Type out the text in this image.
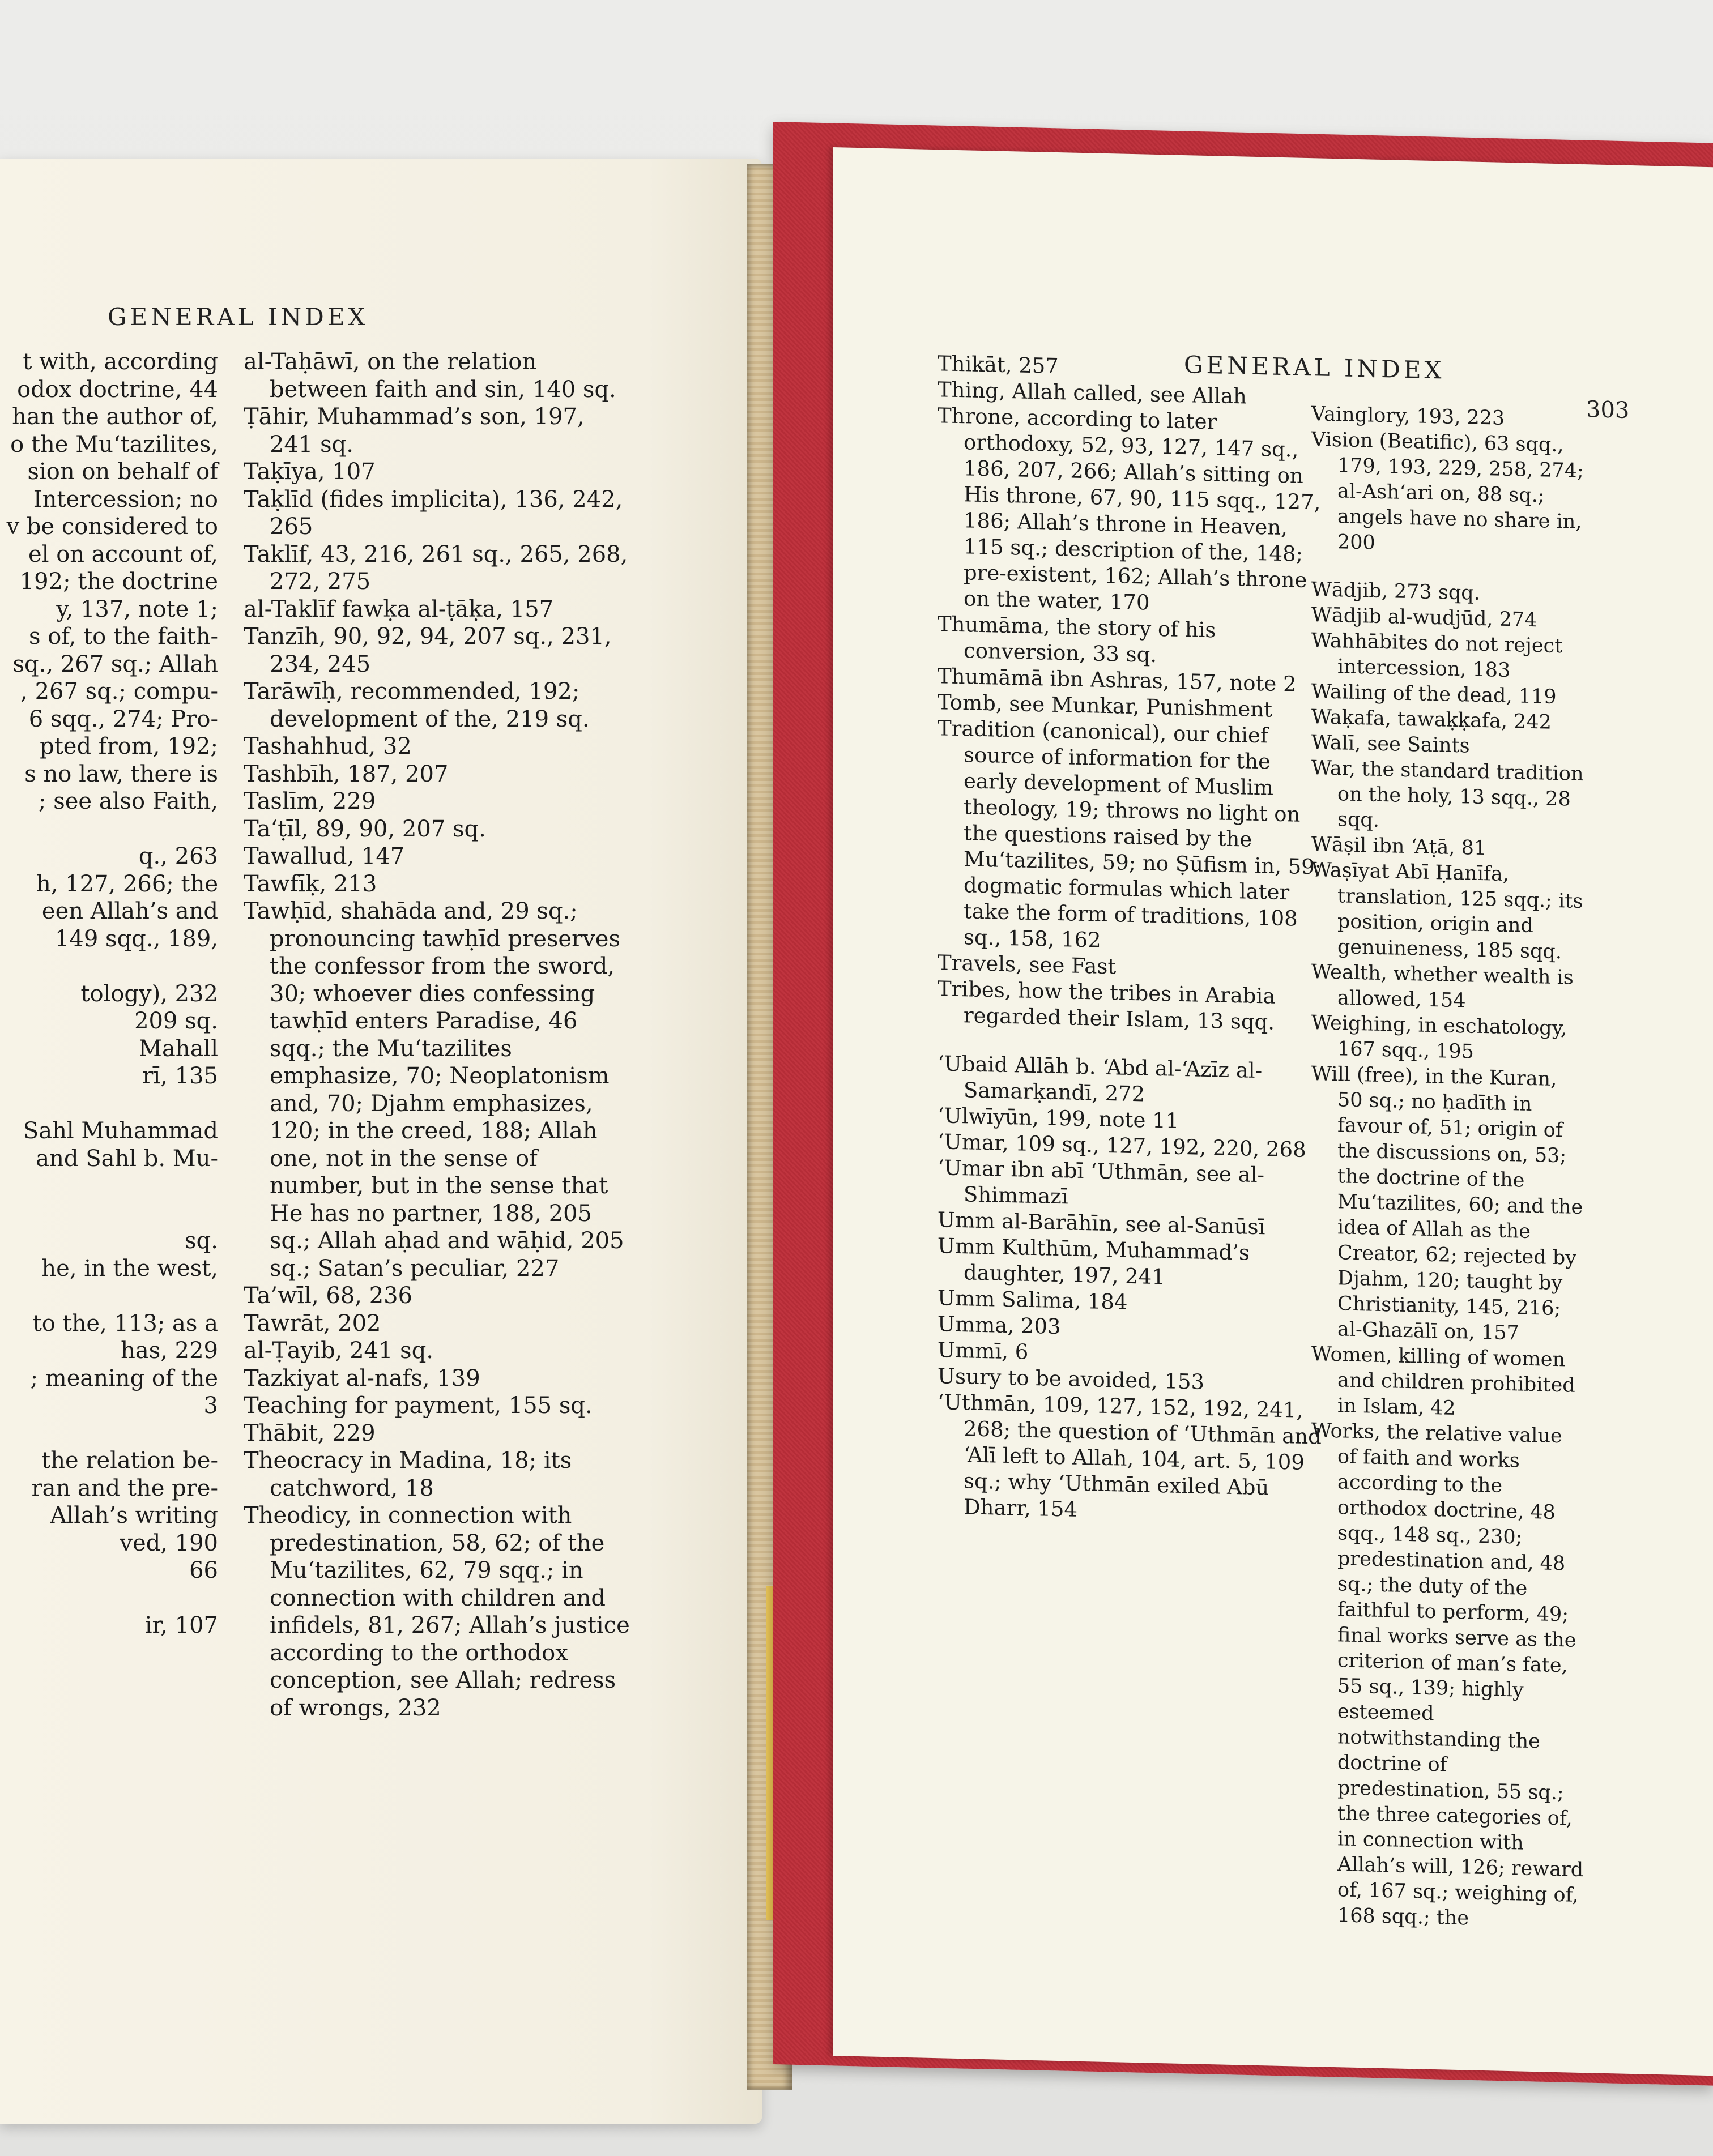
GENERAL INDEX
t with, according
odox doctrine, 44
han the author of,
o the Mu‘tazilites,
sion on behalf of
Intercession; no
v be considered to
el on account of,
192; the doctrine
y, 137, note 1;
s of, to the faith-
sq., 267 sq.; Allah
, 267 sq.; compu-
6 sqq., 274; Pro-
pted from, 192;
s no law, there is
; see also Faith,

q., 263
h, 127, 266; the
een Allah’s and
149 sqq., 189,

tology), 232
209 sq.
Mahall
rī, 135

Sahl Muhammad
and Sahl b. Mu-

sq.
he, in the west,

to the, 113; as a
has, 229
; meaning of the
3

the relation be-
ran and the pre-
Allah’s writing
ved, 190
66

ir, 107

al-Taḥāwī, on the relation between faith and sin, 140 sq.

Ṭāhir, Muhammad’s son, 197, 241 sq.

Taḳīya, 107

Taḳlīd (fides implicita), 136, 242, 265

Taklīf, 43, 216, 261 sq., 265, 268, 272, 275

al-Taklīf fawḳa al-ṭāḳa, 157

Tanzīh, 90, 92, 94, 207 sq., 231, 234, 245

Tarāwīḥ, recommended, 192; development of the, 219 sq.

Tashahhud, 32

Tashbīh, 187, 207

Taslīm, 229

Ta‘ṭīl, 89, 90, 207 sq.

Tawallud, 147

Tawfīḳ, 213

Tawḥīd, shahāda and, 29 sq.; pronouncing tawḥīd preserves the confessor from the sword, 30; whoever dies confessing tawḥīd enters Paradise, 46 sqq.; the Mu‘tazilites emphasize, 70; Neoplatonism and, 70; Djahm emphasizes, 120; in the creed, 188; Allah one, not in the sense of number, but in the sense that He has no partner, 188, 205 sq.; Allah aḥad and wāḥid, 205 sq.; Satan’s peculiar, 227

Ta’wīl, 68, 236

Tawrāt, 202

al-Ṭayib, 241 sq.

Tazkiyat al-nafs, 139

Teaching for payment, 155 sq.

Thābit, 229

Theocracy in Madina, 18; its catchword, 18

Theodicy, in connection with predestination, 58, 62; of the Mu‘tazilites, 62, 79 sqq.; in connection with children and infidels, 81, 267; Allah’s justice according to the orthodox conception, see Allah; redress of wrongs, 232

GENERAL INDEX
303

Thikāt, 257

Thing, Allah called, see Allah

Throne, according to later orthodoxy, 52, 93, 127, 147 sq., 186, 207, 266; Allah’s sitting on His throne, 67, 90, 115 sqq., 127, 186; Allah’s throne in Heaven, 115 sq.; description of the, 148; pre-existent, 162; Allah’s throne on the water, 170

Thumāma, the story of his conversion, 33 sq.

Thumāmā ibn Ashras, 157, note 2

Tomb, see Munkar, Punishment

Tradition (canonical), our chief source of information for the early development of Muslim theology, 19; throws no light on the questions raised by the Mu‘tazilites, 59; no Ṣūfism in, 59; dogmatic formulas which later take the form of traditions, 108 sq., 158, 162

Travels, see Fast

Tribes, how the tribes in Arabia regarded their Islam, 13 sqq.

‘Ubaid Allāh b. ‘Abd al-‘Azīz al-Samarḳandī, 272

‘Ulwīyūn, 199, note 11

‘Umar, 109 sq., 127, 192, 220, 268

‘Umar ibn abī ‘Uthmān, see al-Shimmazī

Umm al-Barāhīn, see al-Sanūsī

Umm Kulthūm, Muhammad’s daughter, 197, 241

Umm Salima, 184

Umma, 203

Ummī, 6

Usury to be avoided, 153

‘Uthmān, 109, 127, 152, 192, 241, 268; the question of ‘Uthmān and ‘Alī left to Allah, 104, art. 5, 109 sq.; why ‘Uthmān exiled Abū Dharr, 154

Vainglory, 193, 223

Vision (Beatific), 63 sqq., 179, 193, 229, 258, 274; al-Ash‘ari on, 88 sq.; angels have no share in, 200

Wādjib, 273 sqq.

Wādjib al-wudjūd, 274

Wahhābites do not reject intercession, 183

Wailing of the dead, 119

Waḳafa, tawaḳḳafa, 242

Walī, see Saints

War, the standard tradition on the holy, 13 sqq., 28 sqq.

Wāṣil ibn ‘Aṭā, 81

Waṣīyat Abī Ḥanīfa, translation, 125 sqq.; its position, origin and genuineness, 185 sqq.

Wealth, whether wealth is allowed, 154

Weighing, in eschatology, 167 sqq., 195

Will (free), in the Kuran, 50 sq.; no ḥadīth in favour of, 51; origin of the discussions on, 53; the doctrine of the Mu‘tazilites, 60; and the idea of Allah as the Creator, 62; rejected by Djahm, 120; taught by Christianity, 145, 216; al-Ghazālī on, 157

Women, killing of women and children prohibited in Islam, 42

Works, the relative value of faith and works according to the orthodox doctrine, 48 sqq., 148 sq., 230; predestination and, 48 sq.; the duty of the faithful to perform, 49; final works serve as the criterion of man’s fate, 55 sq., 139; highly esteemed notwithstanding the doctrine of predestination, 55 sq.; the three categories of, in connection with Allah’s will, 126; reward of, 167 sq.; weighing of, 168 sqq.; the
